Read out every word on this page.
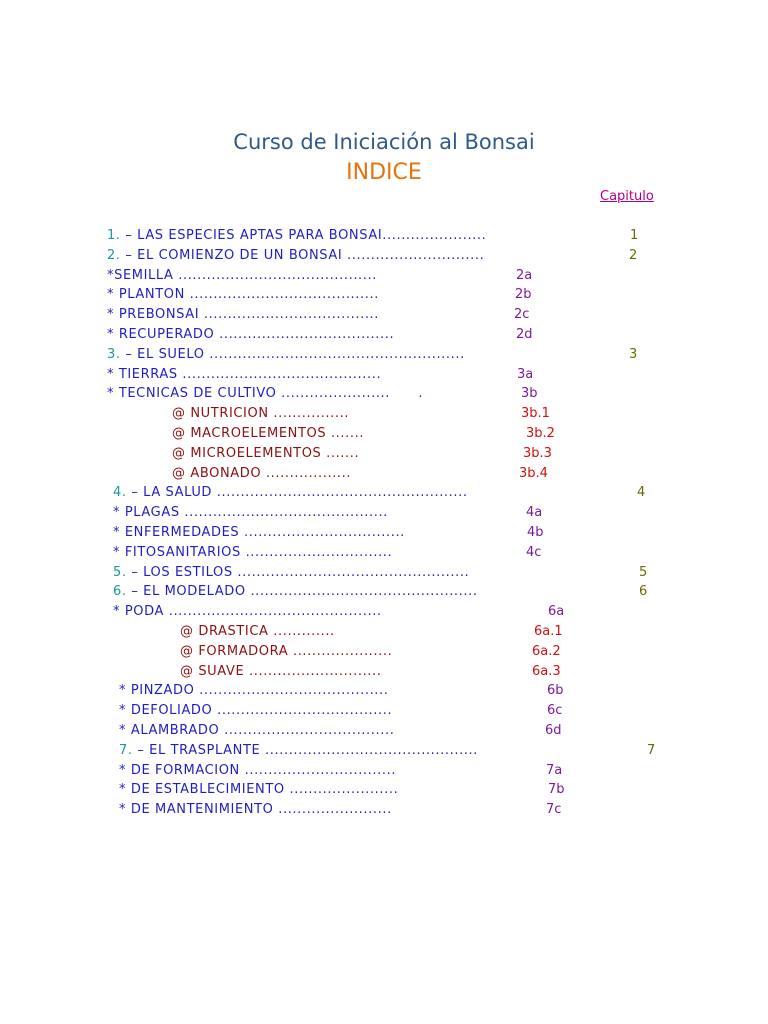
Curso de Iniciación al Bonsai
INDICE
Capitulo
1. – LAS ESPECIES APTAS PARA BONSAI......................	1
2. – EL COMIENZO DE UN BONSAI .............................	2
*SEMILLA ..........................................	2a
* PLANTON ........................................	2b
* PREBONSAI .....................................	2c
* RECUPERADO .....................................	2d
3. – EL SUELO ......................................................	3
* TIERRAS ..........................................	3a
* TECNICAS DE CULTIVO .......................      .	3b
@ NUTRICION ................	3b.1
@ MACROELEMENTOS .......	3b.2
@ MICROELEMENTOS .......	3b.3
@ ABONADO ..................	3b.4
4. – LA SALUD .....................................................	4
* PLAGAS ...........................................	4a
* ENFERMEDADES ..................................	4b
* FITOSANITARIOS ...............................	4c
5. – LOS ESTILOS .................................................	5
6. – EL MODELADO ................................................	6
* PODA .............................................	6a
@ DRASTICA .............	6a.1
@ FORMADORA .....................	6a.2
@ SUAVE ............................	6a.3
* PINZADO ........................................	6b
* DEFOLIADO .....................................	6c
* ALAMBRADO ....................................	6d
7. – EL TRASPLANTE .............................................	7
* DE FORMACION ................................	7a
* DE ESTABLECIMIENTO .......................	7b
* DE MANTENIMIENTO ........................	7c
